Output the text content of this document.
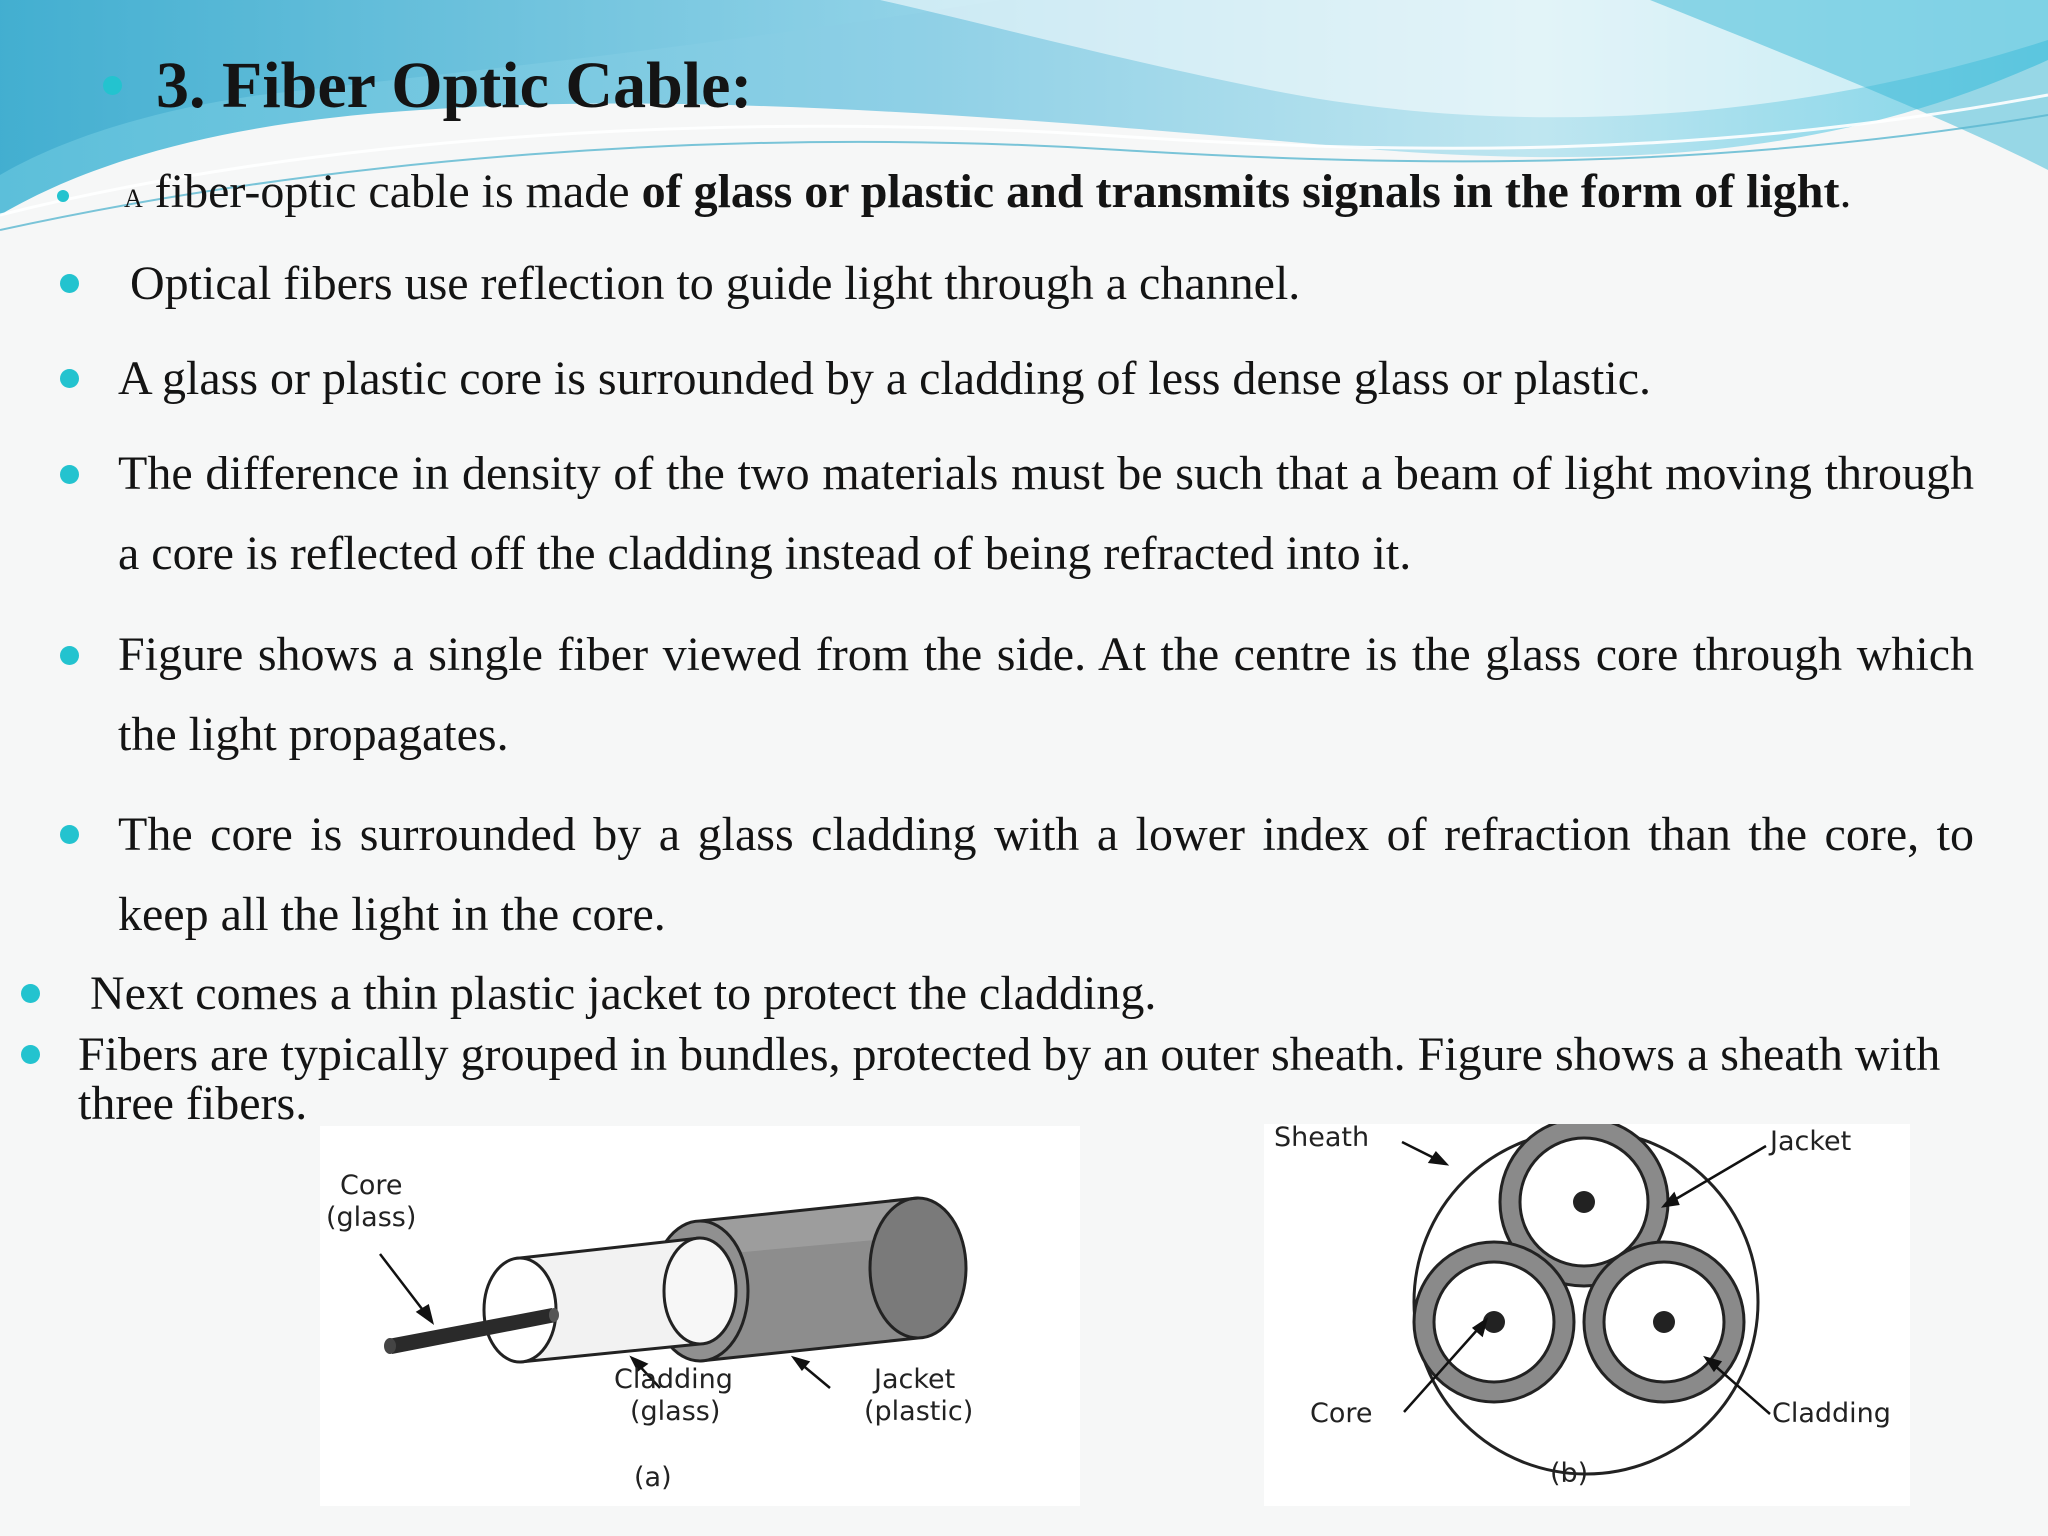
3. Fiber Optic Cable:
A fiber-optic cable is made of glass or plastic and transmits signals in the form of light.
Optical fibers use reflection to guide light through a channel.
A glass or plastic core is surrounded by a cladding of less dense glass or plastic.
The difference in density of the two materials must be such that a beam of light moving through a core is reflected off the cladding instead of being refracted into it.
Figure shows a single fiber viewed from the side. At the centre is the glass core through which the light propagates.
The core is surrounded by a glass cladding with a lower index of refraction than the core, to keep all the light in the core.
Next comes a thin plastic jacket to protect the cladding.
Fibers are typically grouped in bundles, protected by an outer sheath. Figure shows a sheath with three fibers.
Core
(glass)
Cladding
(glass)
Jacket
(plastic)
(a)
Sheath	Jacket
Core	Cladding
(b)
